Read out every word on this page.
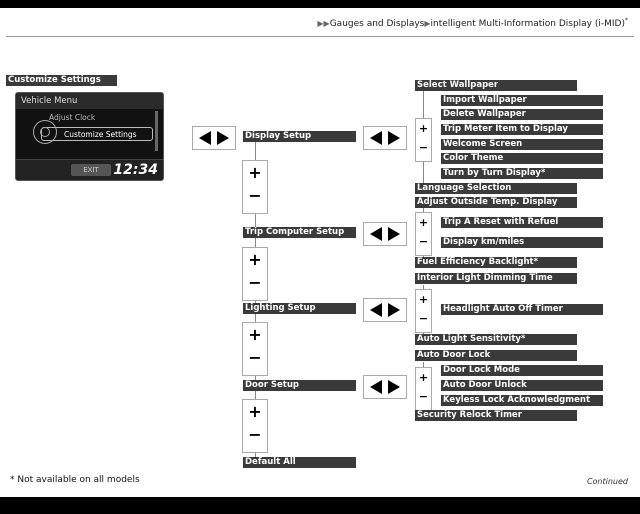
▶▶Gauges and Displays▶intelligent Multi-Information Display (i-MID)*
Customize Settings
Vehicle Menu
Adjust Clock
Customize Settings
EXIT	12:34
Display Setup
Trip Computer Setup
Lighting Setup
Door Setup
Default All
+
−
+
−
+
−
+
−
+
−
+
−
+
−
+
−
Select Wallpaper
Import Wallpaper
Delete Wallpaper
Trip Meter Item to Display
Welcome Screen
Color Theme
Turn by Turn Display*
Language Selection
Adjust Outside Temp. Display
Trip A Reset with Refuel
Display km/miles
Fuel Efficiency Backlight*
Interior Light Dimming Time
Headlight Auto Off Timer
Auto Light Sensitivity*
Auto Door Lock
Door Lock Mode
Auto Door Unlock
Keyless Lock Acknowledgment
Security Relock Timer
* Not available on all models	Continued
